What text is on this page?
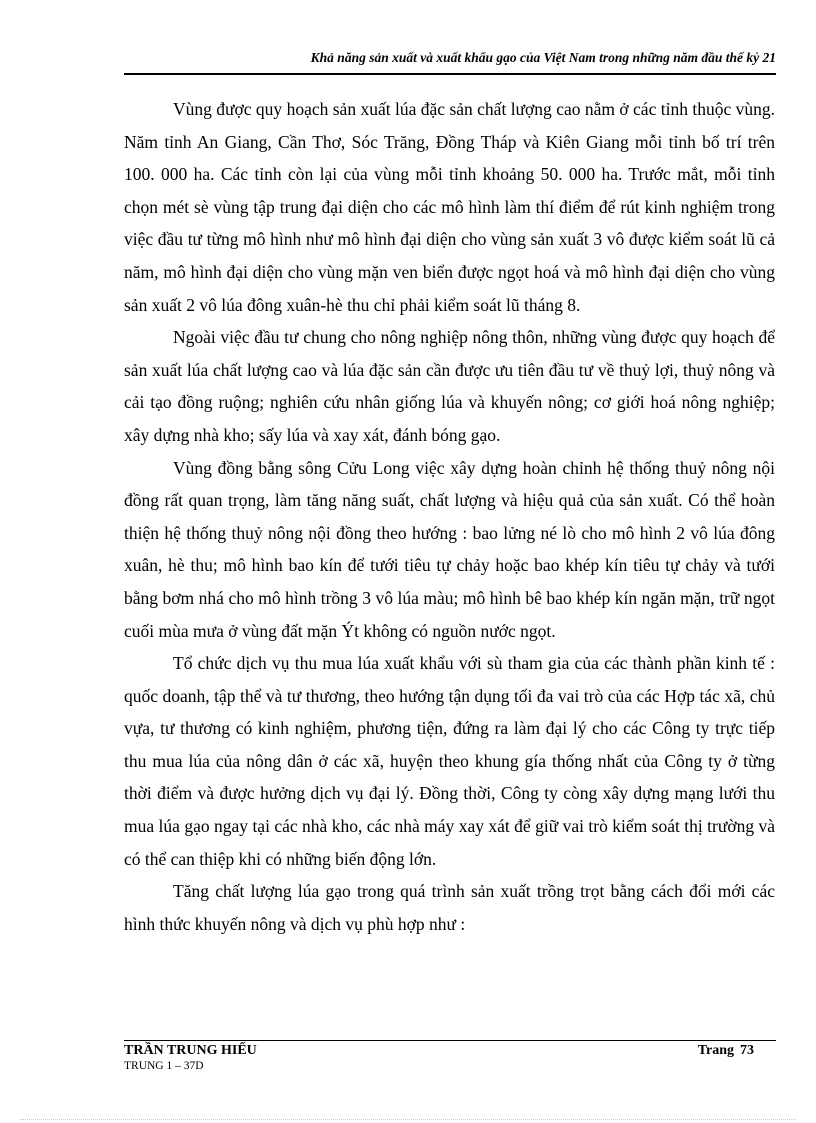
Khả năng sản xuất và xuất khẩu gạo của Việt Nam trong những năm đầu thế kỷ 21

Vùng được quy hoạch sản xuất lúa đặc sản chất lượng cao nằm ở các tỉnh thuộc vùng. Năm tỉnh An Giang, Cần Thơ, Sóc Trăng, Đồng Tháp và Kiên Giang mỗi tỉnh bố trí trên 100. 000 ha. Các tỉnh còn lại của vùng mỗi tỉnh khoảng 50. 000 ha. Trước mắt, mỗi tỉnh chọn mét sè vùng tập trung đại diện cho các mô hình làm thí điểm để rút kinh nghiệm trong việc đầu tư từng mô hình như mô hình đại diện cho vùng sản xuất 3 vô được kiểm soát lũ cả năm, mô hình đại diện cho vùng mặn ven biển được ngọt hoá và mô hình đại diện cho vùng sản xuất 2 vô lúa đông xuân-hè thu chỉ phải kiểm soát lũ tháng 8.

Ngoài việc đầu tư chung cho nông nghiệp nông thôn, những vùng được quy hoạch để sản xuất lúa chất lượng cao và lúa đặc sản cần được ưu tiên đầu tư về thuỷ lợi, thuỷ nông và cải tạo đồng ruộng; nghiên cứu nhân giống lúa và khuyến nông; cơ giới hoá nông nghiệp; xây dựng nhà kho; sấy lúa và xay xát, đánh bóng gạo.

Vùng đồng bằng sông Cửu Long việc xây dựng hoàn chỉnh hệ thống thuỷ nông nội đồng rất quan trọng, làm tăng năng suất, chất lượng và hiệu quả của sản xuất. Có thể hoàn thiện hệ thống thuỷ nông nội đồng theo hướng : bao lửng né lò cho mô hình 2 vô lúa đông xuân, hè thu; mô hình bao kín để tưới tiêu tự chảy hoặc bao khép kín tiêu tự chảy và tưới bằng bơm nhá cho mô hình trồng 3 vô lúa màu; mô hình bê bao khép kín ngăn mặn, trữ ngọt cuối mùa mưa ở vùng đất mặn Ýt không có nguồn nước ngọt.

Tổ chức dịch vụ thu mua lúa xuất khẩu với sù tham gia của các thành phần kinh tế : quốc doanh, tập thể và tư thương, theo hướng tận dụng tối đa vai trò của các Hợp tác xã, chủ vựa, tư thương có kinh nghiệm, phương tiện, đứng ra làm đại lý cho các Công ty trực tiếp thu mua lúa của nông dân ở các xã, huyện theo khung gía thống nhất của Công ty ở từng thời điểm và được hưởng dịch vụ đại lý. Đồng thời, Công ty còng xây dựng mạng lưới thu mua lúa gạo ngay tại các nhà kho, các nhà máy xay xát để giữ vai trò kiểm soát thị trường và có thể can thiệp khi có những biến động lớn.

Tăng chất lượng lúa gạo trong quá trình sản xuất trồng trọt bằng cách đổi mới các hình thức khuyến nông và dịch vụ phù hợp như :

TRẦN TRUNG HIẾU
TRUNG 1 – 37D
Trang 73
